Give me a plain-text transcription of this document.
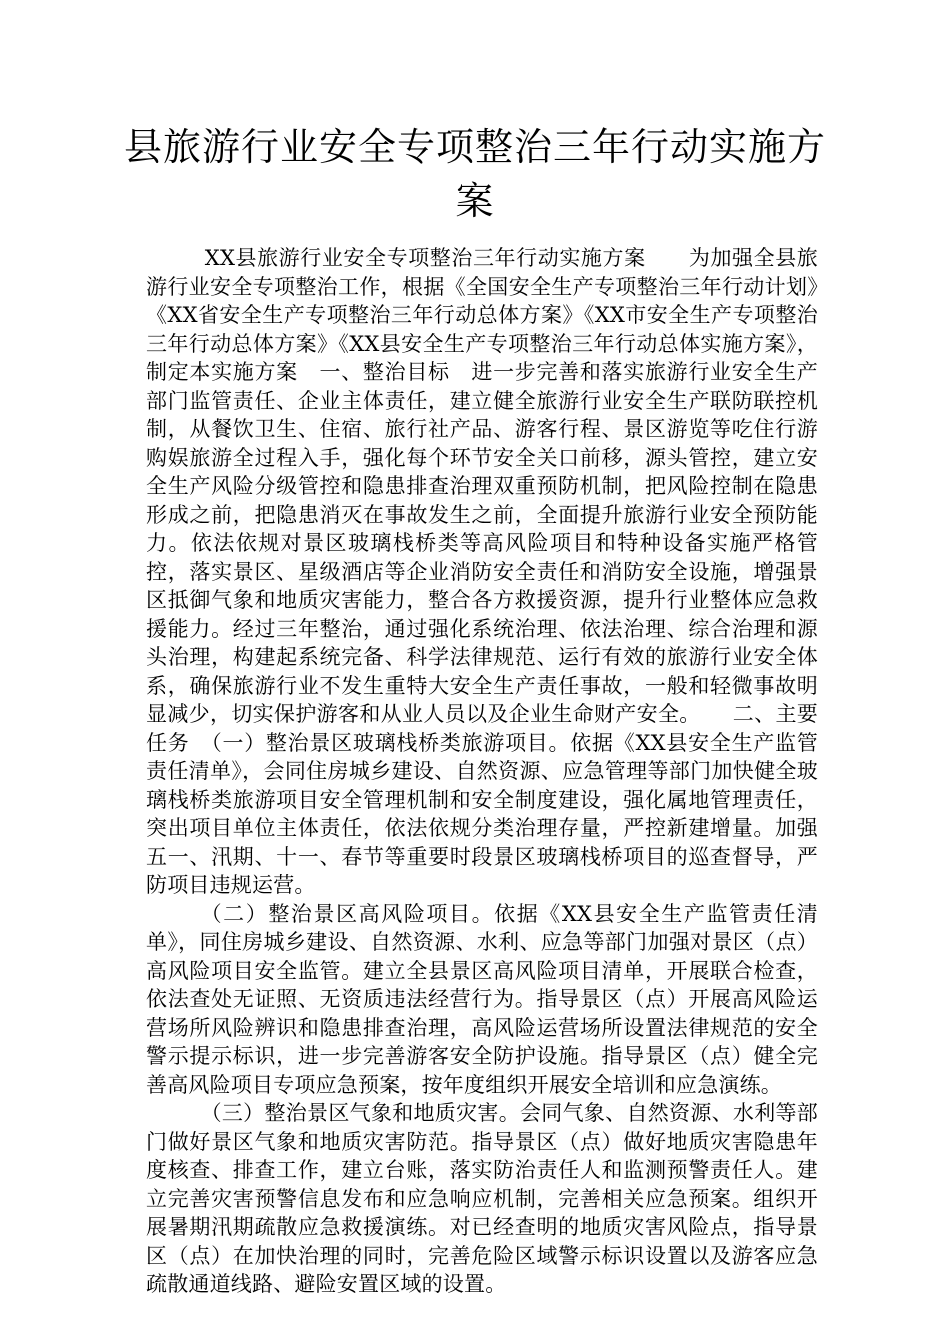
县旅游行业安全专项整治三年行动实施方案

XX县旅游行业安全专项整治三年行动实施方案　　为加强全县旅游行业安全专项整治工作，根据《全国安全生产专项整治三年行动计划》《XX省安全生产专项整治三年行动总体方案》《XX市安全生产专项整治三年行动总体方案》《XX县安全生产专项整治三年行动总体实施方案》，制定本实施方案　一、整治目标　进一步完善和落实旅游行业安全生产部门监管责任、企业主体责任，建立健全旅游行业安全生产联防联控机制，从餐饮卫生、住宿、旅行社产品、游客行程、景区游览等吃住行游购娱旅游全过程入手，强化每个环节安全关口前移，源头管控，建立安全生产风险分级管控和隐患排查治理双重预防机制，把风险控制在隐患形成之前，把隐患消灭在事故发生之前，全面提升旅游行业安全预防能力。依法依规对景区玻璃栈桥类等高风险项目和特种设备实施严格管控，落实景区、星级酒店等企业消防安全责任和消防安全设施，增强景区抵御气象和地质灾害能力，整合各方救援资源，提升行业整体应急救援能力。经过三年整治，通过强化系统治理、依法治理、综合治理和源头治理，构建起系统完备、科学法律规范、运行有效的旅游行业安全体系，确保旅游行业不发生重特大安全生产责任事故，一般和轻微事故明显减少，切实保护游客和从业人员以及企业生命财产安全。　　二、主要任务　（一）整治景区玻璃栈桥类旅游项目。依据《XX县安全生产监管责任清单》，会同住房城乡建设、自然资源、应急管理等部门加快健全玻璃栈桥类旅游项目安全管理机制和安全制度建设，强化属地管理责任，突出项目单位主体责任，依法依规分类治理存量，严控新建增量。加强五一、汛期、十一、春节等重要时段景区玻璃栈桥项目的巡查督导，严防项目违规运营。

（二）整治景区高风险项目。依据《XX县安全生产监管责任清单》，同住房城乡建设、自然资源、水利、应急等部门加强对景区（点）高风险项目安全监管。建立全县景区高风险项目清单，开展联合检查，依法查处无证照、无资质违法经营行为。指导景区（点）开展高风险运营场所风险辨识和隐患排查治理，高风险运营场所设置法律规范的安全警示提示标识，进一步完善游客安全防护设施。指导景区（点）健全完善高风险项目专项应急预案，按年度组织开展安全培训和应急演练。

（三）整治景区气象和地质灾害。会同气象、自然资源、水利等部门做好景区气象和地质灾害防范。指导景区（点）做好地质灾害隐患年度核查、排查工作，建立台账，落实防治责任人和监测预警责任人。建立完善灾害预警信息发布和应急响应机制，完善相关应急预案。组织开展暑期汛期疏散应急救援演练。对已经查明的地质灾害风险点，指导景区（点）在加快治理的同时，完善危险区域警示标识设置以及游客应急疏散通道线路、避险安置区域的设置。
